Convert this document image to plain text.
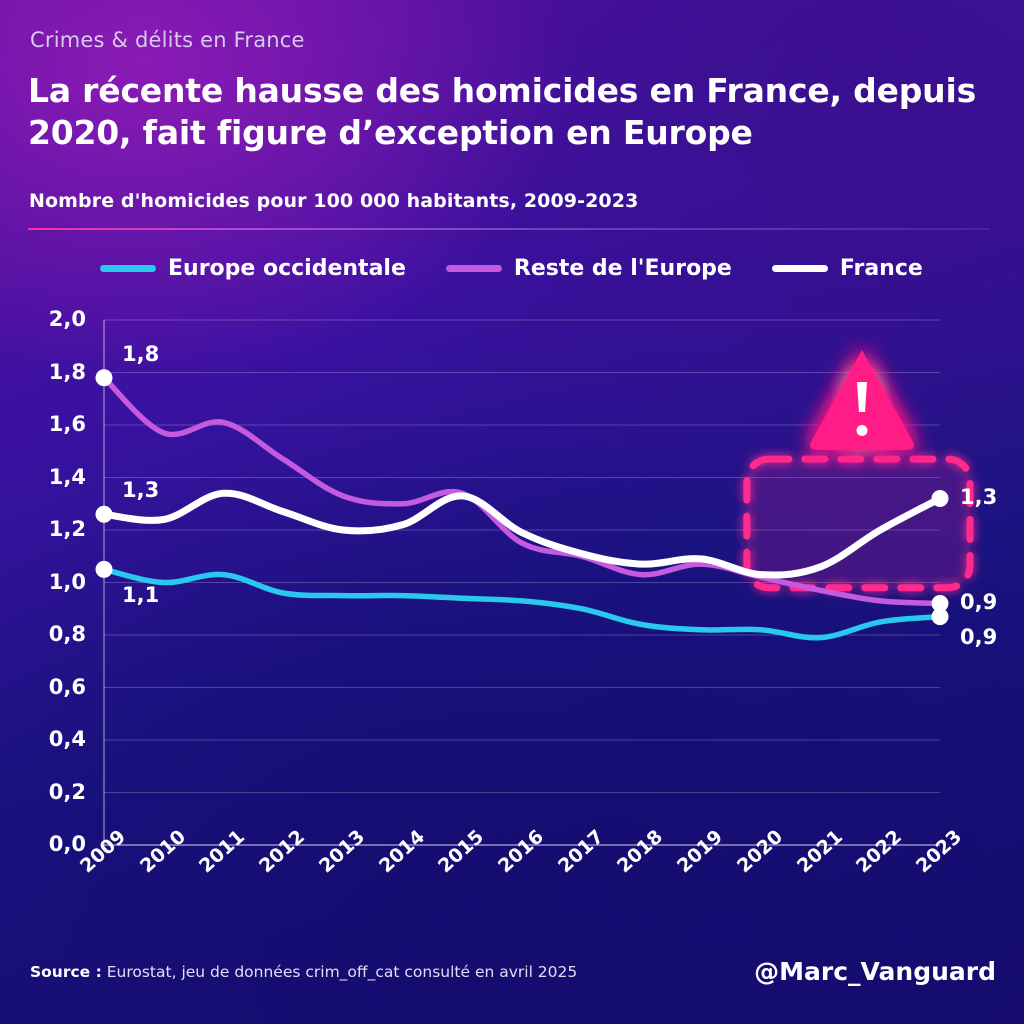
Crimes & délits en France
La récente hausse des homicides en France, depuis 2020, fait figure d’exception en Europe
Nombre d'homicides pour 100 000 habitants, 2009-2023
Europe occidentale	Reste de l'Europe	France
0,0
0,2
0,4
0,6
0,8
1,0
1,2
1,4
1,6
1,8
2,0
2009 2010 2011 2012 2013 2014 2015 2016 2017 2018 2019 2020 2021 2022 2023
1,8
1,3
1,1
1,3
0,9
0,9
Source : Eurostat, jeu de données crim_off_cat consulté en avril 2025	@Marc_Vanguard
